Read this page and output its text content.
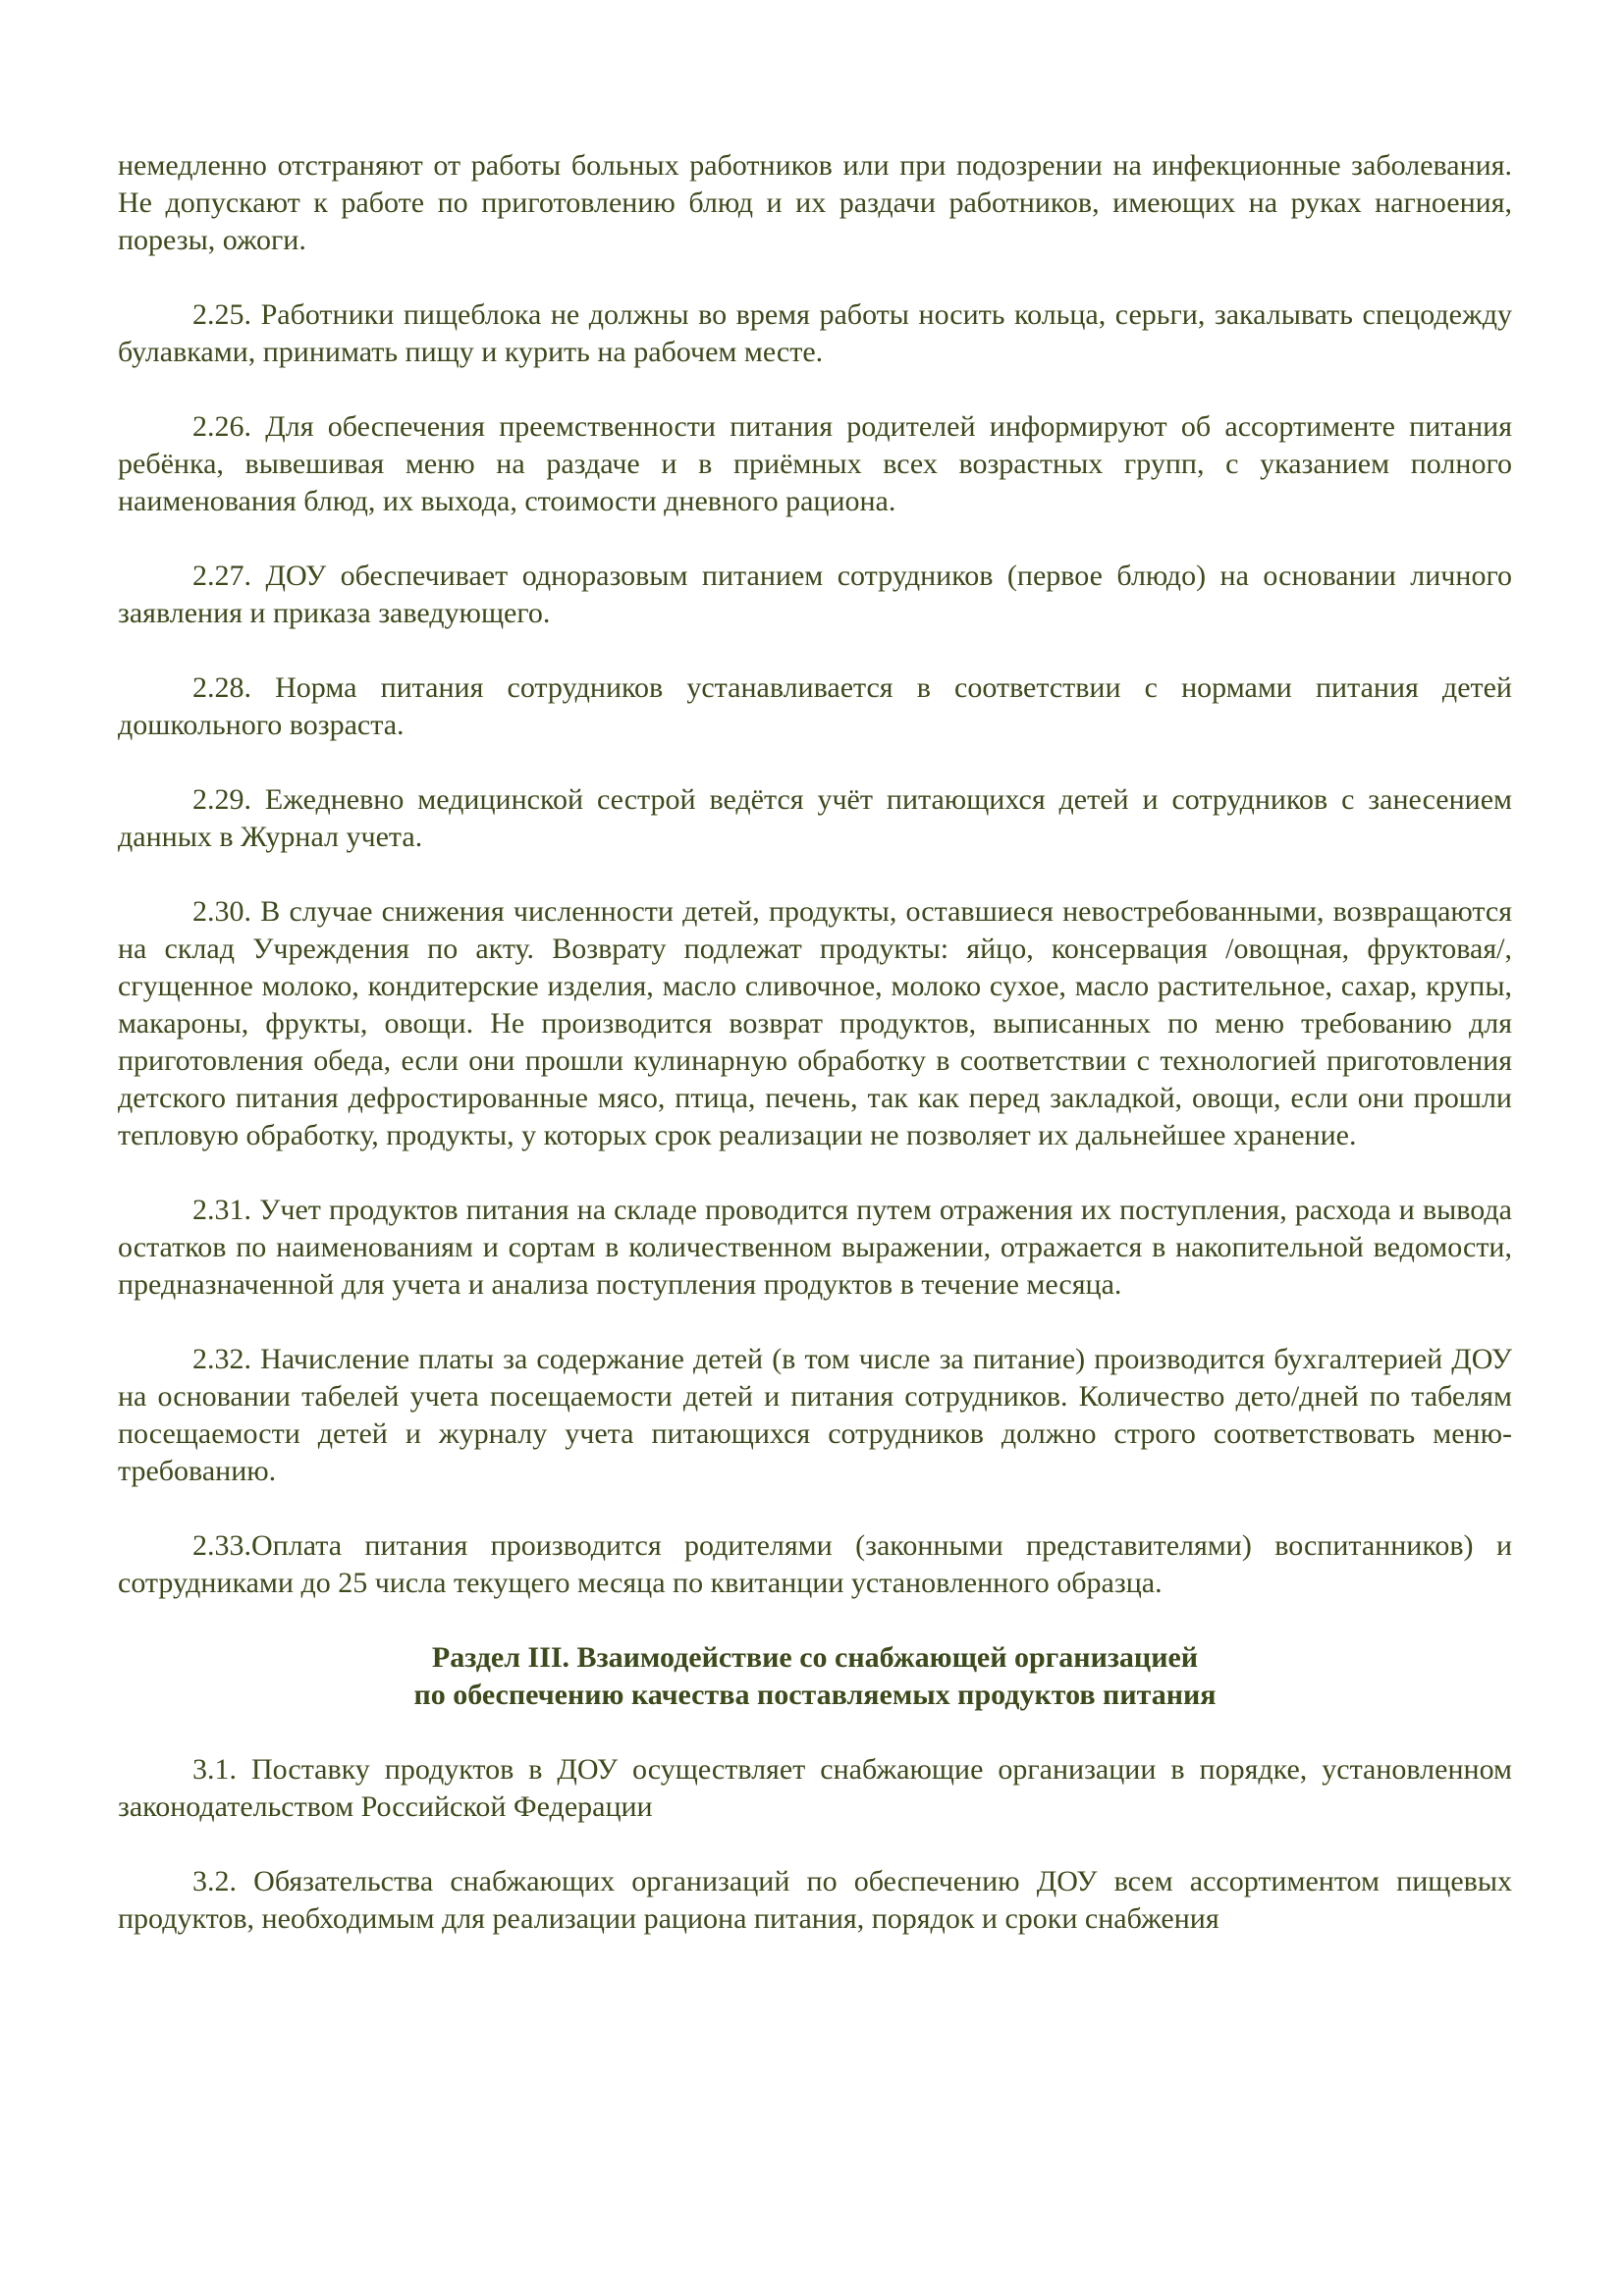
немедленно отстраняют от работы больных работников или при подозрении на инфекционные заболевания. Не допускают к работе по приготовлению блюд и их раздачи работников, имеющих на руках нагноения, порезы, ожоги.

2.25. Работники пищеблока не должны во время работы носить кольца, серьги, закалывать спецодежду булавками, принимать пищу и курить на рабочем месте.

2.26. Для обеспечения преемственности питания родителей информируют об ассортименте питания ребёнка, вывешивая меню на раздаче и в приёмных всех возрастных групп, с указанием полного наименования блюд, их выхода, стоимости дневного рациона.

2.27. ДОУ обеспечивает одноразовым питанием сотрудников (первое блюдо) на основании личного заявления и приказа заведующего.

2.28. Норма питания сотрудников устанавливается в соответствии с нормами питания детей дошкольного возраста.

2.29. Ежедневно медицинской сестрой ведётся учёт питающихся детей и сотрудников с занесением данных в Журнал учета.

2.30. В случае снижения численности детей, продукты, оставшиеся невостребованными, возвращаются на склад Учреждения по акту. Возврату подлежат продукты: яйцо, консервация /овощная, фруктовая/, сгущенное молоко, кондитерские изделия, масло сливочное, молоко сухое, масло растительное, сахар, крупы, макароны, фрукты, овощи. Не производится возврат продуктов, выписанных по меню требованию для приготовления обеда, если они прошли кулинарную обработку в соответствии с технологией приготовления детского питания дефростированные мясо, птица, печень, так как перед закладкой, овощи, если они прошли тепловую обработку, продукты, у которых срок реализации не позволяет их дальнейшее хранение.

2.31. Учет продуктов питания на складе проводится путем отражения их поступления, расхода и вывода остатков по наименованиям и сортам в количественном выражении, отражается в накопительной ведомости, предназначенной для учета и анализа поступления продуктов в течение месяца.

2.32. Начисление платы за содержание детей (в том числе за питание) производится бухгалтерией ДОУ на основании табелей учета посещаемости детей и питания сотрудников. Количество дето/дней по табелям посещаемости детей и журналу учета питающихся сотрудников должно строго соответствовать меню-требованию.

2.33.Оплата питания производится родителями (законными представителями) воспитанников) и сотрудниками до 25 числа текущего месяца по квитанции установленного образца.

Раздел III. Взаимодействие со снабжающей организацией
по обеспечению качества поставляемых продуктов питания

3.1. Поставку продуктов в ДОУ осуществляет снабжающие организации в порядке, установленном законодательством Российской Федерации

3.2. Обязательства снабжающих организаций по обеспечению ДОУ всем ассортиментом пищевых продуктов, необходимым для реализации рациона питания, порядок и сроки снабжения
